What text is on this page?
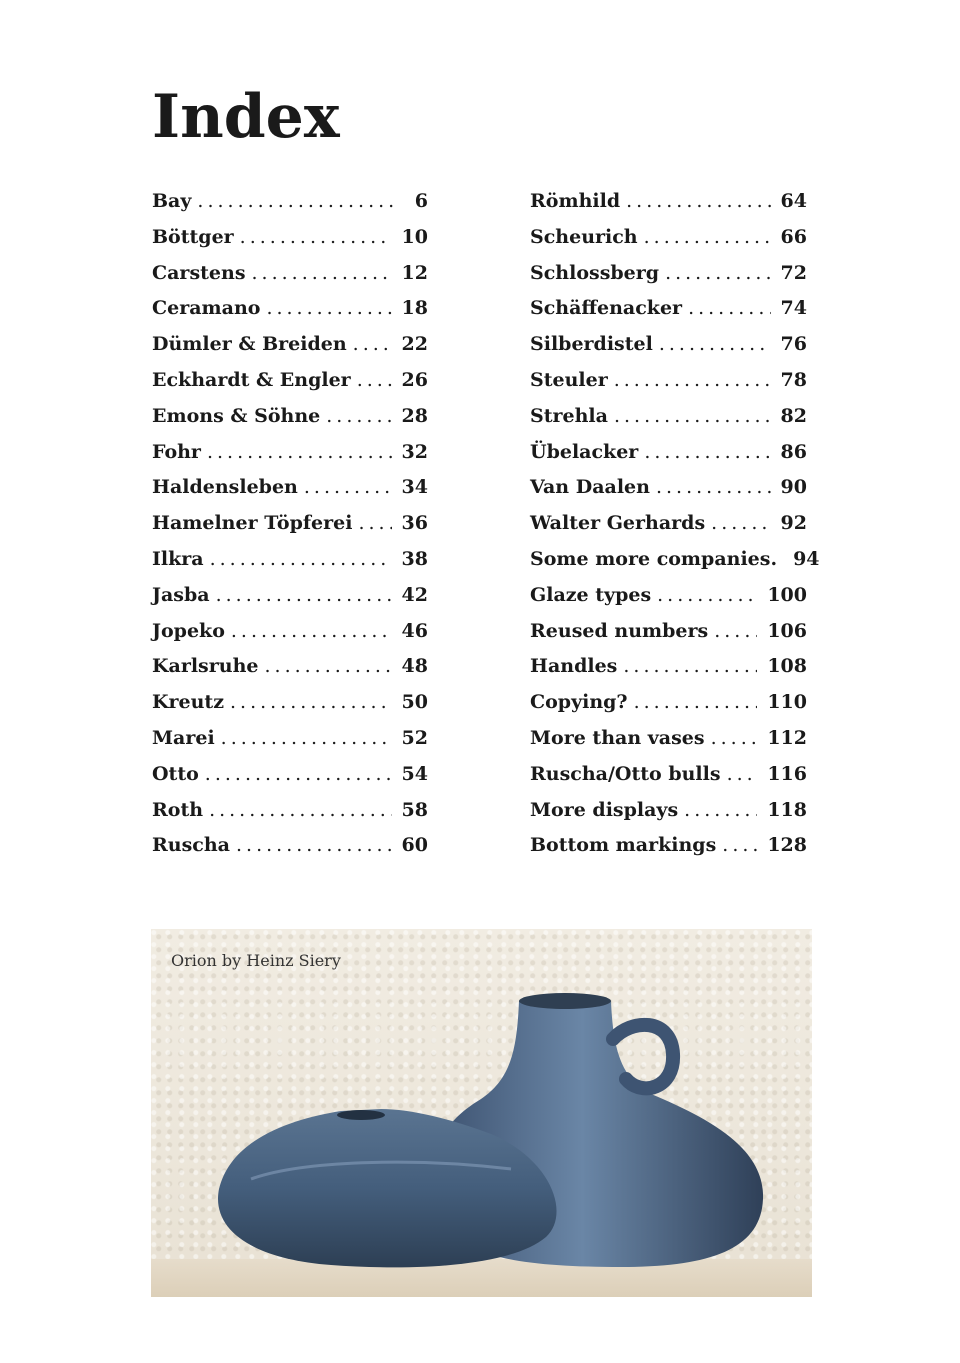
Index
Bay .....	6
Böttger .....	10
Carstens .....	12
Ceramano .....	18
Dümler & Breiden .....	22
Eckhardt & Engler .....	26
Emons & Söhne .....	28
Fohr .....	32
Haldensleben .....	34
Hamelner Töpferei .....	36
Ilkra .....	38
Jasba .....	42
Jopeko .....	46
Karlsruhe .....	48
Kreutz .....	50
Marei .....	52
Otto .....	54
Roth .....	58
Ruscha .....	60
Römhild .....	64
Scheurich .....	66
Schlossberg .....	72
Schäffenacker .....	74
Silberdistel .....	76
Steuler .....	78
Strehla .....	82
Übelacker .....	86
Van Daalen .....	90
Walter Gerhards .....	92
Some more companies. 94
Glaze types .....	100
Reused numbers .....	106
Handles .....	108
Copying? .....	110
More than vases .....	112
Ruscha/Otto bulls ..... 116
More displays .....	118
Bottom markings .....	128
Orion by Heinz Siery
